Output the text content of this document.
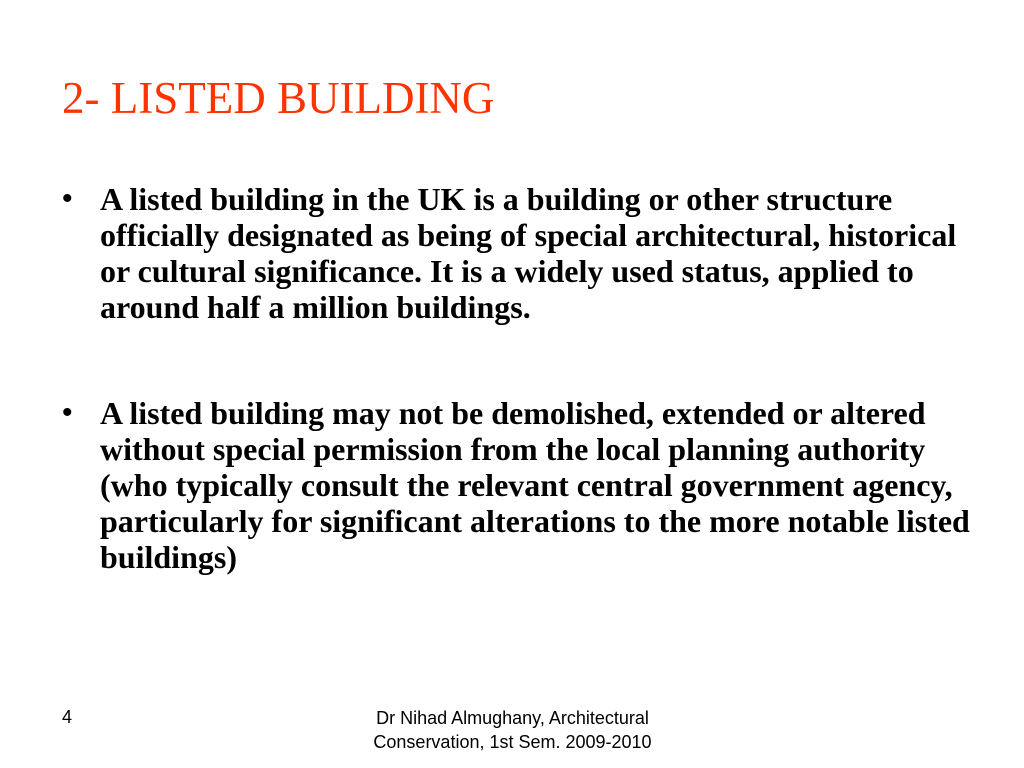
2- LISTED BUILDING
• A listed building in the UK is a building or other structure officially designated as being of special architectural, historical or cultural significance. It is a widely used status, applied to around half a million buildings.
• A listed building may not be demolished, extended or altered without special permission from the local planning authority (who typically consult the relevant central government agency, particularly for significant alterations to the more notable listed buildings)
4	Dr Nihad Almughany, Architectural Conservation, 1st Sem. 2009-2010
